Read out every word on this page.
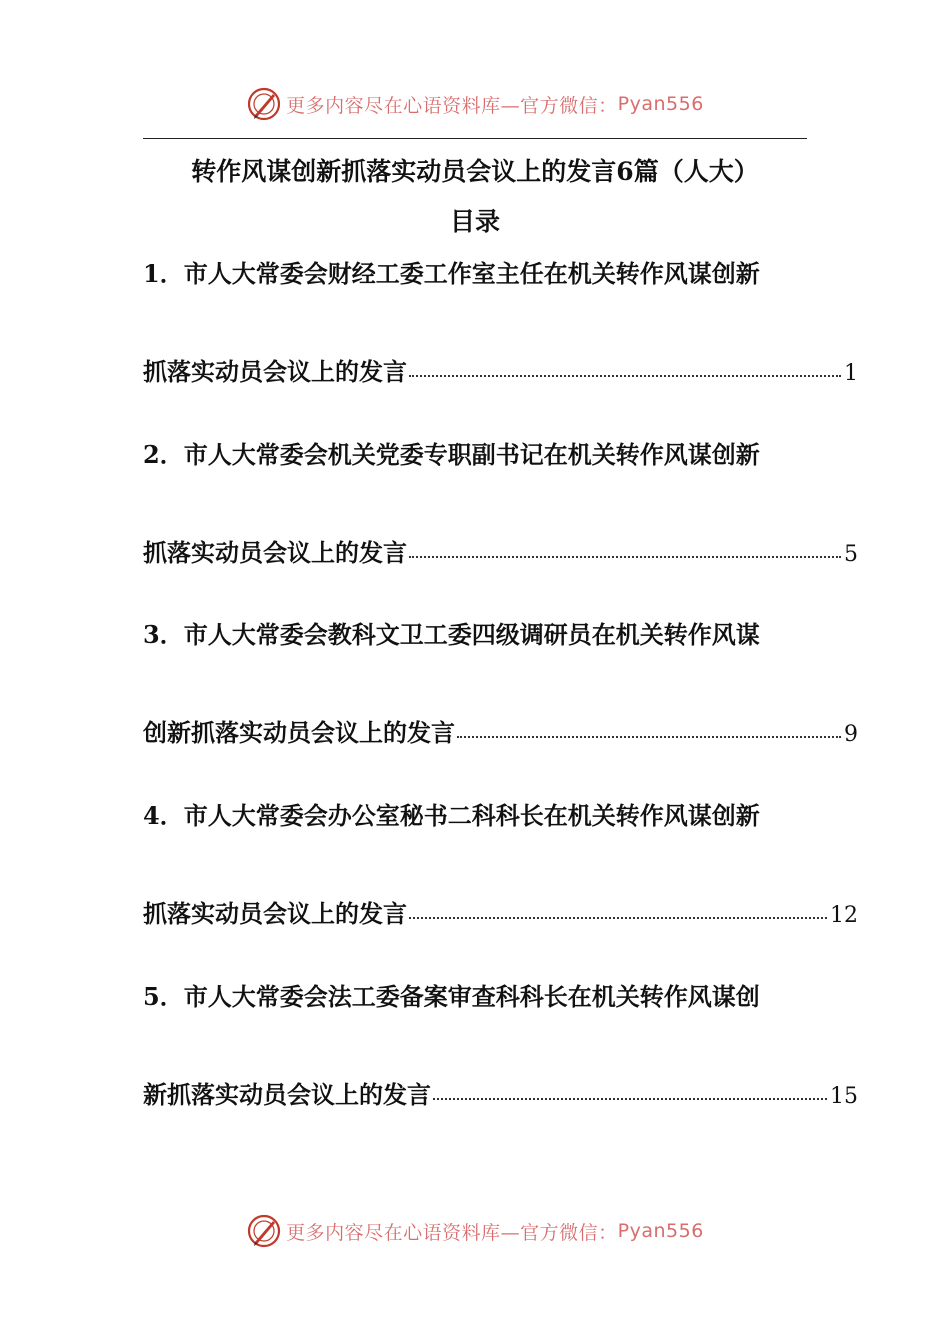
更多内容尽在心语资料库—官方微信： Pyan556
转作风谋创新抓落实动员会议上的发言6篇（人大）
目录
1．市人大常委会财经工委工作室主任在机关转作风谋创新
抓落实动员会议上的发言	1
2．市人大常委会机关党委专职副书记在机关转作风谋创新
抓落实动员会议上的发言	5
3．市人大常委会教科文卫工委四级调研员在机关转作风谋
创新抓落实动员会议上的发言	9
4．市人大常委会办公室秘书二科科长在机关转作风谋创新
抓落实动员会议上的发言	12
5．市人大常委会法工委备案审查科科长在机关转作风谋创
新抓落实动员会议上的发言	15
更多内容尽在心语资料库—官方微信： Pyan556
